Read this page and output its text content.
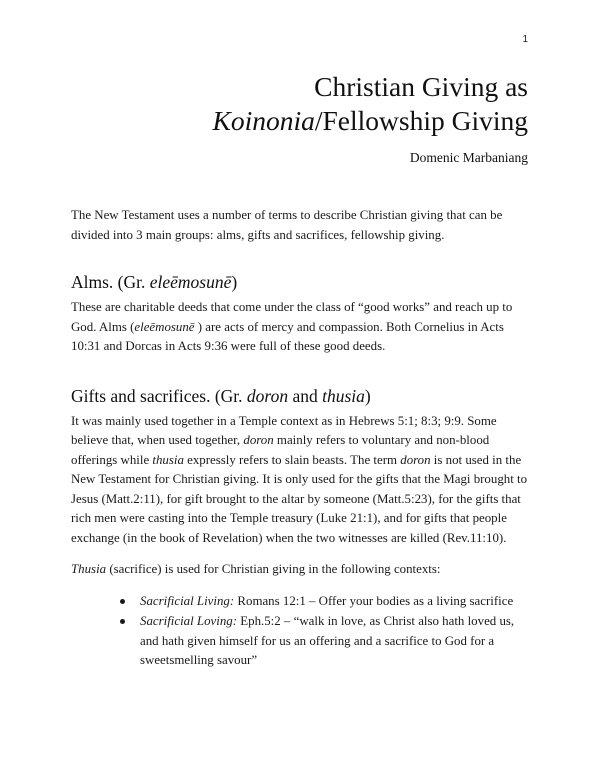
1
Christian Giving as
Koinonia/Fellowship Giving
Domenic Marbaniang

The New Testament uses a number of terms to describe Christian giving that can be divided into 3 main groups: alms, gifts and sacrifices, fellowship giving.

Alms. (Gr. eleēmosunē)

These are charitable deeds that come under the class of “good works” and reach up to God. Alms (eleēmosunē ) are acts of mercy and compassion. Both Cornelius in Acts 10:31 and Dorcas in Acts 9:36 were full of these good deeds.

Gifts and sacrifices. (Gr. doron and thusia)

It was mainly used together in a Temple context as in Hebrews 5:1; 8:3; 9:9. Some believe that, when used together, doron mainly refers to voluntary and non-blood offerings while thusia expressly refers to slain beasts. The term doron is not used in the New Testament for Christian giving. It is only used for the gifts that the Magi brought to Jesus (Matt.2:11), for gift brought to the altar by someone (Matt.5:23), for the gifts that rich men were casting into the Temple treasury (Luke 21:1), and for gifts that people exchange (in the book of Revelation) when the two witnesses are killed (Rev.11:10).

Thusia (sacrifice) is used for Christian giving in the following contexts:

Sacrificial Living: Romans 12:1 – Offer your bodies as a living sacrifice
Sacrificial Loving: Eph.5:2 – “walk in love, as Christ also hath loved us, and hath given himself for us an offering and a sacrifice to God for a sweetsmelling savour”
